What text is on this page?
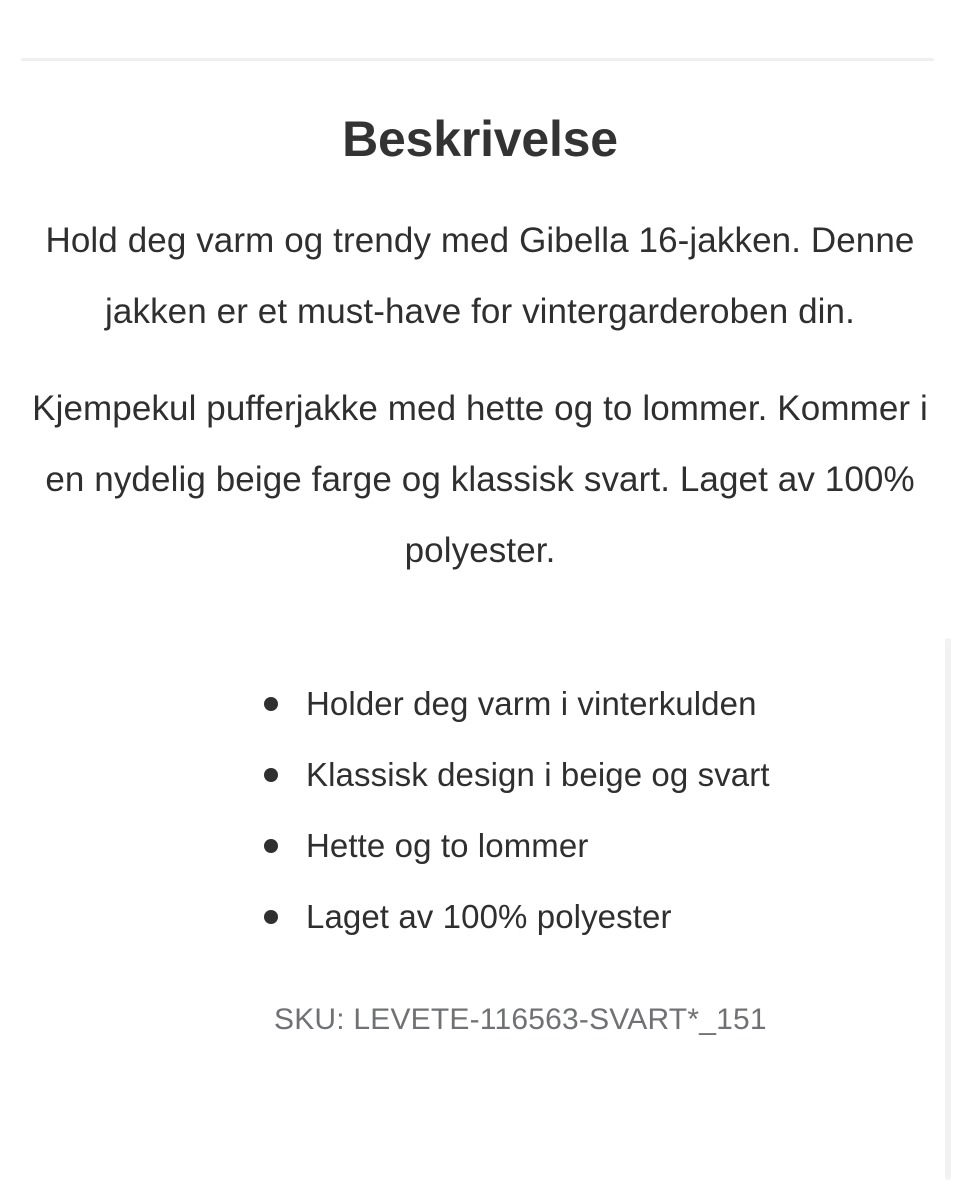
Beskrivelse

Hold deg varm og trendy med Gibella 16-jakken. Denne jakken er et must-have for vintergarderoben din.

Kjempekul pufferjakke med hette og to lommer. Kommer i en nydelig beige farge og klassisk svart. Laget av 100% polyester.

Holder deg varm i vinterkulden
Klassisk design i beige og svart
Hette og to lommer
Laget av 100% polyester

SKU: LEVETE-116563-SVART*_151
